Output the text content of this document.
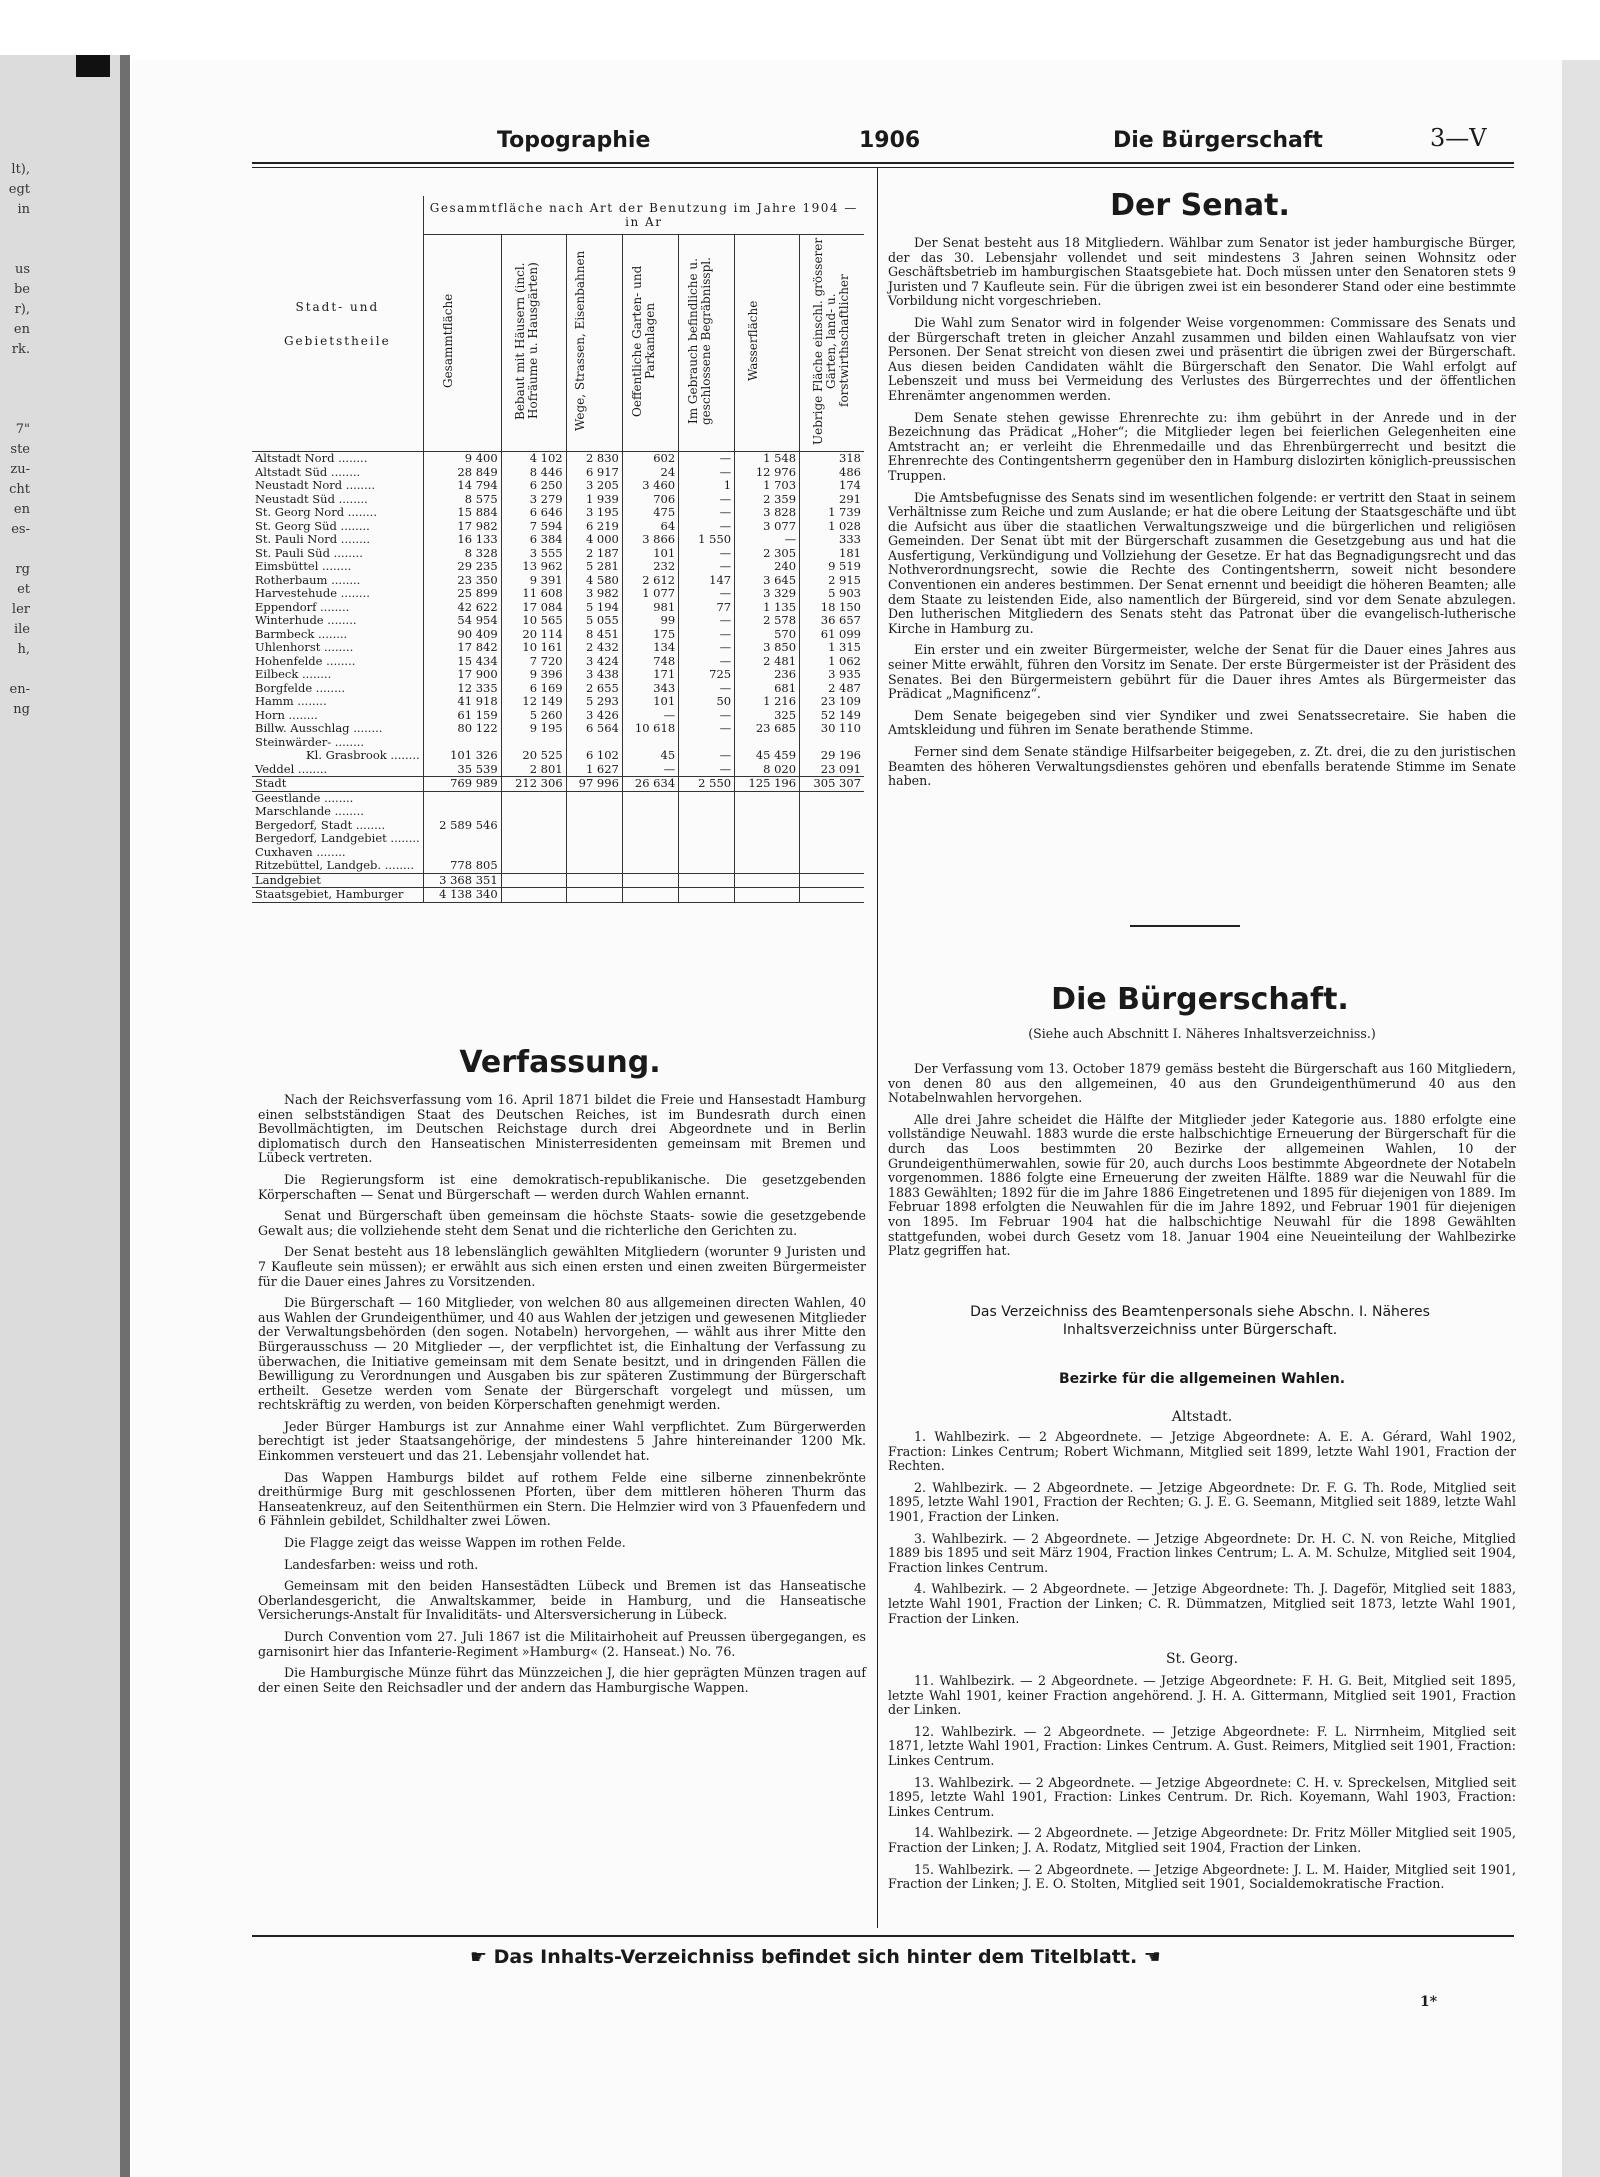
lt),
egt
in
us
be
r),
en
rk.
7"
ste
zu-
cht
en
es-
rg
et
ler
ile
h,
en-
ng
Topographie	1906	Die Bürgerschaft	3—V
Stadt- und Gebietstheile	Gesammtfläche nach Art der Benutzung im Jahre 1904 — in Ar						
	Gesammtfläche	Bebaut mit Häusern (incl. Hofräume u. Hausgärten)	Wege, Strassen, Eisenbahnen	Oeffentliche Garten- und Parkanlagen	Im Gebrauch befindliche u. geschlossene Begräbnisspl.	Wasserfläche	Uebrige Fläche einschl. grösserer Gärten, land- u. forstwirthschaftlicher
Altstadt Nord ........	9 400	4 102	2 830	602	—	1 548	318
Altstadt Süd ........	28 849	8 446	6 917	24	—	12 976	486
Neustadt Nord ........	14 794	6 250	3 205	3 460	1	1 703	174
Neustadt Süd ........	8 575	3 279	1 939	706	—	2 359	291
St. Georg Nord ........	15 884	6 646	3 195	475	—	3 828	1 739
St. Georg Süd ........	17 982	7 594	6 219	64	—	3 077	1 028
St. Pauli Nord ........	16 133	6 384	4 000	3 866	1 550	—	333
St. Pauli Süd ........	8 328	3 555	2 187	101	—	2 305	181
Eimsbüttel ........	29 235	13 962	5 281	232	—	240	9 519
Rotherbaum ........	23 350	9 391	4 580	2 612	147	3 645	2 915
Harvestehude ........	25 899	11 608	3 982	1 077	—	3 329	5 903
Eppendorf ........	42 622	17 084	5 194	981	77	1 135	18 150
Winterhude ........	54 954	10 565	5 055	99	—	2 578	36 657
Barmbeck ........	90 409	20 114	8 451	175	—	570	61 099
Uhlenhorst ........	17 842	10 161	2 432	134	—	3 850	1 315
Hohenfelde ........	15 434	7 720	3 424	748	—	2 481	1 062
Eilbeck ........	17 900	9 396	3 438	171	725	236	3 935
Borgfelde ........	12 335	6 169	2 655	343	—	681	2 487
Hamm ........	41 918	12 149	5 293	101	50	1 216	23 109
Horn ........	61 159	5 260	3 426	—	—	325	52 149
Billw. Ausschlag ........	80 122	9 195	6 564	10 618	—	23 685	30 110
Steinwärder- ........							
Kl. Grasbrook ........	101 326	20 525	6 102	45	—	45 459	29 196
Veddel ........	35 539	2 801	1 627	—	—	8 020	23 091
Stadt	769 989	212 306	97 996	26 634	2 550	125 196	305 307
Geestlande ........							
Marschlande ........							
Bergedorf, Stadt ........	2 589 546						
Bergedorf, Landgebiet ........							
Cuxhaven ........							
Ritzebüttel, Landgeb. ........	778 805						
Landgebiet	3 368 351						
Staatsgebiet, Hamburger	4 138 340						
Verfassung.

Nach der Reichsverfassung vom 16. April 1871 bildet die Freie und Hansestadt Hamburg einen selbstständigen Staat des Deutschen Reiches, ist im Bundesrath durch einen Bevollmächtigten, im Deutschen Reichstage durch drei Abgeordnete und in Berlin diplomatisch durch den Hanseatischen Ministerresidenten gemeinsam mit Bremen und Lübeck vertreten.

Die Regierungsform ist eine demokratisch-republikanische. Die gesetzgebenden Körperschaften — Senat und Bürgerschaft — werden durch Wahlen ernannt.

Senat und Bürgerschaft üben gemeinsam die höchste Staats- sowie die gesetzgebende Gewalt aus; die vollziehende steht dem Senat und die richterliche den Gerichten zu.

Der Senat besteht aus 18 lebenslänglich gewählten Mitgliedern (worunter 9 Juristen und 7 Kaufleute sein müssen); er erwählt aus sich einen ersten und einen zweiten Bürgermeister für die Dauer eines Jahres zu Vorsitzenden.

Die Bürgerschaft — 160 Mitglieder, von welchen 80 aus allgemeinen directen Wahlen, 40 aus Wahlen der Grundeigenthümer, und 40 aus Wahlen der jetzigen und gewesenen Mitglieder der Verwaltungsbehörden (den sogen. Notabeln) hervorgehen, — wählt aus ihrer Mitte den Bürgerausschuss — 20 Mitglieder —, der verpflichtet ist, die Einhaltung der Verfassung zu überwachen, die Initiative gemeinsam mit dem Senate besitzt, und in dringenden Fällen die Bewilligung zu Verordnungen und Ausgaben bis zur späteren Zustimmung der Bürgerschaft ertheilt. Gesetze werden vom Senate der Bürgerschaft vorgelegt und müssen, um rechtskräftig zu werden, von beiden Körperschaften genehmigt werden.

Jeder Bürger Hamburgs ist zur Annahme einer Wahl verpflichtet. Zum Bürgerwerden berechtigt ist jeder Staatsangehörige, der mindestens 5 Jahre hintereinander 1200 Mk. Einkommen versteuert und das 21. Lebensjahr vollendet hat.

Das Wappen Hamburgs bildet auf rothem Felde eine silberne zinnenbekrönte dreithürmige Burg mit geschlossenen Pforten, über dem mittleren höheren Thurm das Hanseatenkreuz, auf den Seitenthürmen ein Stern. Die Helmzier wird von 3 Pfauenfedern und 6 Fähnlein gebildet, Schildhalter zwei Löwen.

Die Flagge zeigt das weisse Wappen im rothen Felde.

Landesfarben: weiss und roth.

Gemeinsam mit den beiden Hansestädten Lübeck und Bremen ist das Hanseatische Oberlandesgericht, die Anwaltskammer, beide in Hamburg, und die Hanseatische Versicherungs-Anstalt für Invaliditäts- und Altersversicherung in Lübeck.

Durch Convention vom 27. Juli 1867 ist die Militairhoheit auf Preussen übergegangen, es garnisonirt hier das Infanterie-Regiment »Hamburg« (2. Hanseat.) No. 76.

Die Hamburgische Münze führt das Münzzeichen J, die hier geprägten Münzen tragen auf der einen Seite den Reichsadler und der andern das Hamburgische Wappen.

Der Senat.

Der Senat besteht aus 18 Mitgliedern. Wählbar zum Senator ist jeder hamburgische Bürger, der das 30. Lebensjahr vollendet und seit mindestens 3 Jahren seinen Wohnsitz oder Geschäftsbetrieb im hamburgischen Staatsgebiete hat. Doch müssen unter den Senatoren stets 9 Juristen und 7 Kaufleute sein. Für die übrigen zwei ist ein besonderer Stand oder eine bestimmte Vorbildung nicht vorgeschrieben.

Die Wahl zum Senator wird in folgender Weise vorgenommen: Commissare des Senats und der Bürgerschaft treten in gleicher Anzahl zusammen und bilden einen Wahlaufsatz von vier Personen. Der Senat streicht von diesen zwei und präsentirt die übrigen zwei der Bürgerschaft. Aus diesen beiden Candidaten wählt die Bürgerschaft den Senator. Die Wahl erfolgt auf Lebenszeit und muss bei Vermeidung des Verlustes des Bürgerrechtes und der öffentlichen Ehrenämter angenommen werden.

Dem Senate stehen gewisse Ehrenrechte zu: ihm gebührt in der Anrede und in der Bezeichnung das Prädicat „Hoher“; die Mitglieder legen bei feierlichen Gelegenheiten eine Amtstracht an; er verleiht die Ehrenmedaille und das Ehrenbürgerrecht und besitzt die Ehrenrechte des Contingentsherrn gegenüber den in Hamburg dislozirten königlich-preussischen Truppen.

Die Amtsbefugnisse des Senats sind im wesentlichen folgende: er vertritt den Staat in seinem Verhältnisse zum Reiche und zum Auslande; er hat die obere Leitung der Staatsgeschäfte und übt die Aufsicht aus über die staatlichen Verwaltungszweige und die bürgerlichen und religiösen Gemeinden. Der Senat übt mit der Bürgerschaft zusammen die Gesetzgebung aus und hat die Ausfertigung, Verkündigung und Vollziehung der Gesetze. Er hat das Begnadigungsrecht und das Nothverordnungsrecht, sowie die Rechte des Contingentsherrn, soweit nicht besondere Conventionen ein anderes bestimmen. Der Senat ernennt und beeidigt die höheren Beamten; alle dem Staate zu leistenden Eide, also namentlich der Bürgereid, sind vor dem Senate abzulegen. Den lutherischen Mitgliedern des Senats steht das Patronat über die evangelisch-lutherische Kirche in Hamburg zu.

Ein erster und ein zweiter Bürgermeister, welche der Senat für die Dauer eines Jahres aus seiner Mitte erwählt, führen den Vorsitz im Senate. Der erste Bürgermeister ist der Präsident des Senates. Bei den Bürgermeistern gebührt für die Dauer ihres Amtes als Bürgermeister das Prädicat „Magnificenz“.

Dem Senate beigegeben sind vier Syndiker und zwei Senatssecretaire. Sie haben die Amtskleidung und führen im Senate berathende Stimme.

Ferner sind dem Senate ständige Hilfsarbeiter beigegeben, z. Zt. drei, die zu den juristischen Beamten des höheren Verwaltungsdienstes gehören und ebenfalls beratende Stimme im Senate haben.

Die Bürgerschaft.
(Siehe auch Abschnitt I. Näheres Inhaltsverzeichniss.)

Der Verfassung vom 13. October 1879 gemäss besteht die Bürgerschaft aus 160 Mitgliedern, von denen 80 aus den allgemeinen, 40 aus den Grundeigenthümerund 40 aus den Notabelnwahlen hervorgehen.

Alle drei Jahre scheidet die Hälfte der Mitglieder jeder Kategorie aus. 1880 erfolgte eine vollständige Neuwahl. 1883 wurde die erste halbschichtige Erneuerung der Bürgerschaft für die durch das Loos bestimmten 20 Bezirke der allgemeinen Wahlen, 10 der Grundeigenthümerwahlen, sowie für 20, auch durchs Loos bestimmte Abgeordnete der Notabeln vorgenommen. 1886 folgte eine Erneuerung der zweiten Hälfte. 1889 war die Neuwahl für die 1883 Gewählten; 1892 für die im Jahre 1886 Eingetretenen und 1895 für diejenigen von 1889. Im Februar 1898 erfolgten die Neuwahlen für die im Jahre 1892, und Februar 1901 für diejenigen von 1895. Im Februar 1904 hat die halbschichtige Neuwahl für die 1898 Gewählten stattgefunden, wobei durch Gesetz vom 18. Januar 1904 eine Neueinteilung der Wahlbezirke Platz gegriffen hat.

Das Verzeichniss des Beamtenpersonals siehe Abschn. I. Näheres Inhaltsverzeichniss unter Bürgerschaft.
Bezirke für die allgemeinen Wahlen.
Altstadt.

1. Wahlbezirk. — 2 Abgeordnete. — Jetzige Abgeordnete: A. E. A. Gérard, Wahl 1902, Fraction: Linkes Centrum; Robert Wichmann, Mitglied seit 1899, letzte Wahl 1901, Fraction der Rechten.

2. Wahlbezirk. — 2 Abgeordnete. — Jetzige Abgeordnete: Dr. F. G. Th. Rode, Mitglied seit 1895, letzte Wahl 1901, Fraction der Rechten; G. J. E. G. Seemann, Mitglied seit 1889, letzte Wahl 1901, Fraction der Linken.

3. Wahlbezirk. — 2 Abgeordnete. — Jetzige Abgeordnete: Dr. H. C. N. von Reiche, Mitglied 1889 bis 1895 und seit März 1904, Fraction linkes Centrum; L. A. M. Schulze, Mitglied seit 1904, Fraction linkes Centrum.

4. Wahlbezirk. — 2 Abgeordnete. — Jetzige Abgeordnete: Th. J. Dageför, Mitglied seit 1883, letzte Wahl 1901, Fraction der Linken; C. R. Dümmatzen, Mitglied seit 1873, letzte Wahl 1901, Fraction der Linken.

St. Georg.

11. Wahlbezirk. — 2 Abgeordnete. — Jetzige Abgeordnete: F. H. G. Beit, Mitglied seit 1895, letzte Wahl 1901, keiner Fraction angehörend. J. H. A. Gittermann, Mitglied seit 1901, Fraction der Linken.

12. Wahlbezirk. — 2 Abgeordnete. — Jetzige Abgeordnete: F. L. Nirrnheim, Mitglied seit 1871, letzte Wahl 1901, Fraction: Linkes Centrum. A. Gust. Reimers, Mitglied seit 1901, Fraction: Linkes Centrum.

13. Wahlbezirk. — 2 Abgeordnete. — Jetzige Abgeordnete: C. H. v. Spreckelsen, Mitglied seit 1895, letzte Wahl 1901, Fraction: Linkes Centrum. Dr. Rich. Koyemann, Wahl 1903, Fraction: Linkes Centrum.

14. Wahlbezirk. — 2 Abgeordnete. — Jetzige Abgeordnete: Dr. Fritz Möller Mitglied seit 1905, Fraction der Linken; J. A. Rodatz, Mitglied seit 1904, Fraction der Linken.

15. Wahlbezirk. — 2 Abgeordnete. — Jetzige Abgeordnete: J. L. M. Haider, Mitglied seit 1901, Fraction der Linken; J. E. O. Stolten, Mitglied seit 1901, Socialdemokratische Fraction.

☛ Das Inhalts-Verzeichniss befindet sich hinter dem Titelblatt. ☚
1*
